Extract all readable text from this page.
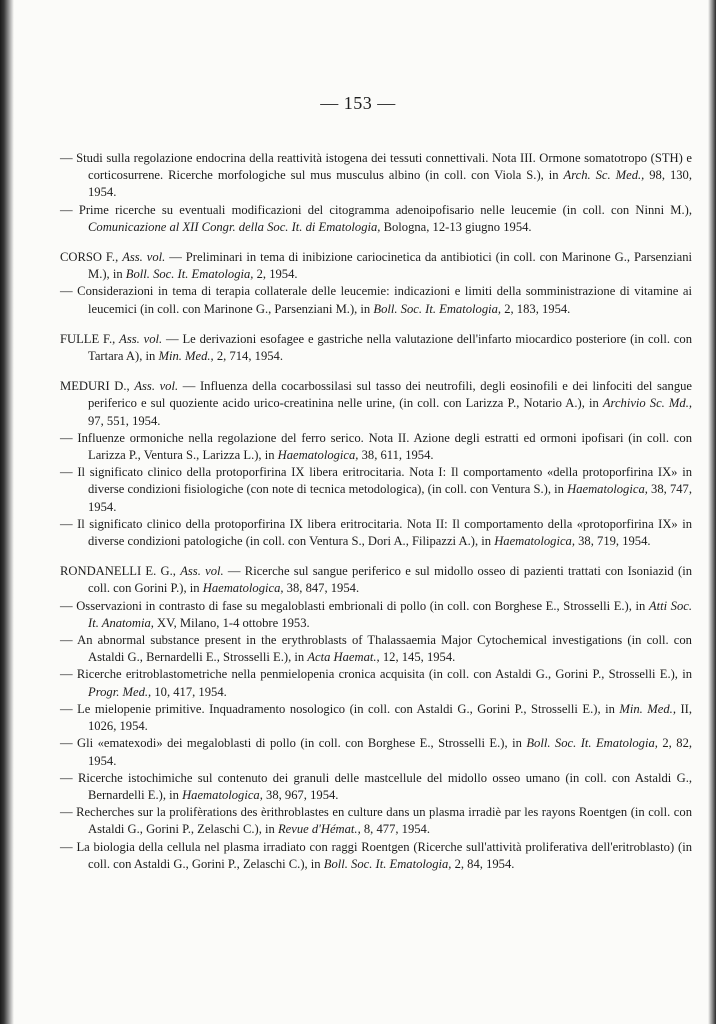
— 153 —

— Studi sulla regolazione endocrina della reattività istogena dei tessuti connettivali. Nota III. Ormone somatotropo (STH) e corticosurrene. Ricerche morfologiche sul mus musculus albino (in coll. con Viola S.), in Arch. Sc. Med., 98, 130, 1954.

— Prime ricerche su eventuali modificazioni del citogramma adenoipofisario nelle leucemie (in coll. con Ninni M.), Comunicazione al XII Congr. della Soc. It. di Ematologia, Bologna, 12-13 giugno 1954.

CORSO F., Ass. vol. — Preliminari in tema di inibizione cariocinetica da antibiotici (in coll. con Marinone G., Parsenziani M.), in Boll. Soc. It. Ematologia, 2, 1954.

— Considerazioni in tema di terapia collaterale delle leucemie: indicazioni e limiti della somministrazione di vitamine ai leucemici (in coll. con Marinone G., Parsenziani M.), in Boll. Soc. It. Ematologia, 2, 183, 1954.

FULLE F., Ass. vol. — Le derivazioni esofagee e gastriche nella valutazione dell'infarto miocardico posteriore (in coll. con Tartara A), in Min. Med., 2, 714, 1954.

MEDURI D., Ass. vol. — Influenza della cocarbossilasi sul tasso dei neutrofili, degli eosinofili e dei linfociti del sangue periferico e sul quoziente acido urico-creatinina nelle urine, (in coll. con Larizza P., Notario A.), in Archivio Sc. Md., 97, 551, 1954.

— Influenze ormoniche nella regolazione del ferro serico. Nota II. Azione degli estratti ed ormoni ipofisari (in coll. con Larizza P., Ventura S., Larizza L.), in Haematologica, 38, 611, 1954.

— Il significato clinico della protoporfirina IX libera eritrocitaria. Nota I: Il comportamento «della protoporfirina IX» in diverse condizioni fisiologiche (con note di tecnica metodologica), (in coll. con Ventura S.), in Haematologica, 38, 747, 1954.

— Il significato clinico della protoporfirina IX libera eritrocitaria. Nota II: Il comportamento della «protoporfirina IX» in diverse condizioni patologiche (in coll. con Ventura S., Dori A., Filipazzi A.), in Haematologica, 38, 719, 1954.

RONDANELLI E. G., Ass. vol. — Ricerche sul sangue periferico e sul midollo osseo di pazienti trattati con Isoniazid (in coll. con Gorini P.), in Haematologica, 38, 847, 1954.

— Osservazioni in contrasto di fase su megaloblasti embrionali di pollo (in coll. con Borghese E., Strosselli E.), in Atti Soc. It. Anatomia, XV, Milano, 1-4 ottobre 1953.

— An abnormal substance present in the erythroblasts of Thalassaemia Major Cytochemical investigations (in coll. con Astaldi G., Bernardelli E., Strosselli E.), in Acta Haemat., 12, 145, 1954.

— Ricerche eritroblastometriche nella penmielopenia cronica acquisita (in coll. con Astaldi G., Gorini P., Strosselli E.), in Progr. Med., 10, 417, 1954.

— Le mielopenie primitive. Inquadramento nosologico (in coll. con Astaldi G., Gorini P., Strosselli E.), in Min. Med., II, 1026, 1954.

— Gli «ematexodi» dei megaloblasti di pollo (in coll. con Borghese E., Strosselli E.), in Boll. Soc. It. Ematologia, 2, 82, 1954.

— Ricerche istochimiche sul contenuto dei granuli delle mastcellule del midollo osseo umano (in coll. con Astaldi G., Bernardelli E.), in Haematologica, 38, 967, 1954.

— Recherches sur la prolifèrations des èrithroblastes en culture dans un plasma irradiè par les rayons Roentgen (in coll. con Astaldi G., Gorini P., Zelaschi C.), in Revue d'Hémat., 8, 477, 1954.

— La biologia della cellula nel plasma irradiato con raggi Roentgen (Ricerche sull'attività proliferativa dell'eritroblasto) (in coll. con Astaldi G., Gorini P., Zelaschi C.), in Boll. Soc. It. Ematologia, 2, 84, 1954.
